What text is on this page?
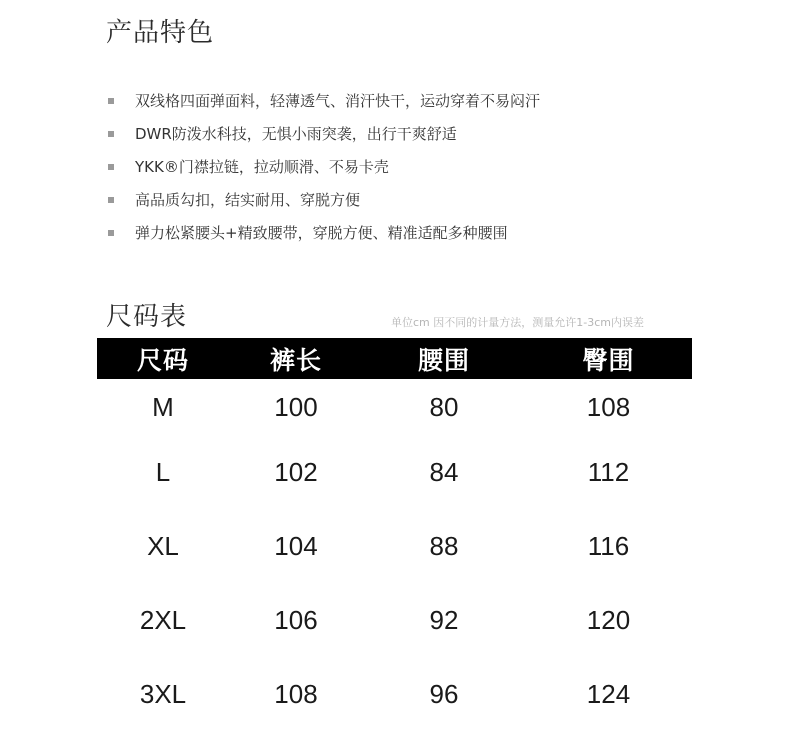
产品特色
双线格四面弹面料，轻薄透气、消汗快干，运动穿着不易闷汗
DWR防泼水科技，无惧小雨突袭，出行干爽舒适
YKK®门襟拉链，拉动顺滑、不易卡壳
高品质勾扣，结实耐用、穿脱方便
弹力松紧腰头+精致腰带，穿脱方便、精准适配多种腰围
尺码表	单位cm 因不同的计量方法，测量允许1-3cm内误差
尺码	裤长	腰围	臀围
M	100	80	108
L	102	84	112
XL	104	88	116
2XL	106	92	120
3XL	108	96	124
